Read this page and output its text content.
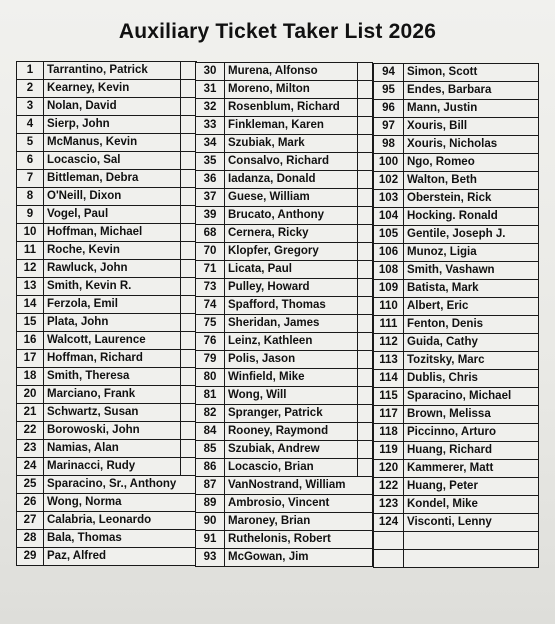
Auxiliary Ticket Taker List 2026
1	Tarrantino, Patrick
2	Kearney, Kevin
3	Nolan, David
4	Sierp, John
5	McManus, Kevin
6	Locascio, Sal
7	Bittleman, Debra
8	O'Neill, Dixon
9	Vogel, Paul
10 Hoffman, Michael
11 Roche, Kevin
12 Rawluck, John
13 Smith, Kevin R.
14 Ferzola, Emil
15 Plata, John
16 Walcott, Laurence
17 Hoffman, Richard
18 Smith, Theresa
20 Marciano, Frank
21 Schwartz, Susan
22 Borowoski, John
23 Namias, Alan
24 Marinacci, Rudy
25 Sparacino, Sr., Anthony
26 Wong, Norma
27 Calabria, Leonardo
28 Bala, Thomas
29 Paz, Alfred
30	Murena, Alfonso
31	Moreno, Milton
32	Rosenblum, Richard
33	Finkleman, Karen
34	Szubiak, Mark
35	Consalvo, Richard
36	Iadanza, Donald
37	Guese, William
39	Brucato, Anthony
68	Cernera, Ricky
70	Klopfer, Gregory
71	Licata, Paul
73	Pulley, Howard
74	Spafford, Thomas
75	Sheridan, James
76	Leinz, Kathleen
79	Polis, Jason
80	Winfield, Mike
81	Wong, Will
82	Spranger, Patrick
84	Rooney, Raymond
85	Szubiak, Andrew
86	Locascio, Brian
87	VanNostrand, William
89	Ambrosio, Vincent
90	Maroney, Brian
91	Ruthelonis, Robert
93	McGowan, Jim
94	Simon, Scott
95	Endes, Barbara
96	Mann, Justin
97	Xouris, Bill
98	Xouris, Nicholas
100 Ngo, Romeo
102 Walton, Beth
103 Oberstein, Rick
104 Hocking. Ronald
105 Gentile, Joseph J.
106 Munoz, Ligia
108 Smith, Vashawn
109 Batista, Mark
110 Albert, Eric
111 Fenton, Denis
112 Guida, Cathy
113 Tozitsky, Marc
114 Dublis, Chris
115 Sparacino, Michael
117 Brown, Melissa
118 Piccinno, Arturo
119 Huang, Richard
120 Kammerer, Matt
122 Huang, Peter
123 Kondel, Mike
124 Visconti, Lenny
